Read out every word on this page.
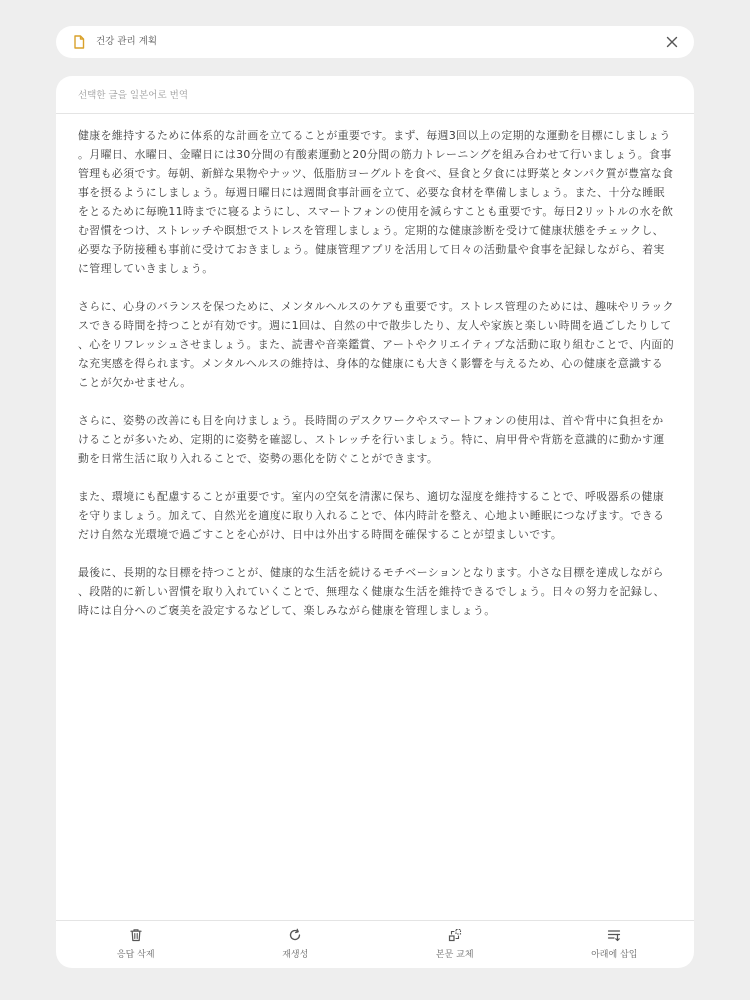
건강 관리 계획
선택한 글을 일본어로 번역

健康を維持するために体系的な計画を立てることが重要です。まず、毎週3回以上の定期的な運動を目標にしましょう。月曜日、水曜日、金曜日には30分間の有酸素運動と20分間の筋力トレーニングを組み合わせて行いましょう。食事管理も必須です。毎朝、新鮮な果物やナッツ、低脂肪ヨーグルトを食べ、昼食と夕食には野菜とタンパク質が豊富な食事を摂るようにしましょう。毎週日曜日には週間食事計画を立て、必要な食材を準備しましょう。また、十分な睡眠をとるために毎晩11時までに寝るようにし、スマートフォンの使用を減らすことも重要です。毎日2リットルの水を飲む習慣をつけ、ストレッチや瞑想でストレスを管理しましょう。定期的な健康診断を受けて健康状態をチェックし、必要な予防接種も事前に受けておきましょう。健康管理アプリを活用して日々の活動量や食事を記録しながら、着実に管理していきましょう。

さらに、心身のバランスを保つために、メンタルヘルスのケアも重要です。ストレス管理のためには、趣味やリラックスできる時間を持つことが有効です。週に1回は、自然の中で散歩したり、友人や家族と楽しい時間を過ごしたりして、心をリフレッシュさせましょう。また、読書や音楽鑑賞、アートやクリエイティブな活動に取り組むことで、内面的な充実感を得られます。メンタルヘルスの維持は、身体的な健康にも大きく影響を与えるため、心の健康を意識することが欠かせません。

さらに、姿勢の改善にも目を向けましょう。長時間のデスクワークやスマートフォンの使用は、首や背中に負担をかけることが多いため、定期的に姿勢を確認し、ストレッチを行いましょう。特に、肩甲骨や背筋を意識的に動かす運動を日常生活に取り入れることで、姿勢の悪化を防ぐことができます。

また、環境にも配慮することが重要です。室内の空気を清潔に保ち、適切な湿度を維持することで、呼吸器系の健康を守りましょう。加えて、自然光を適度に取り入れることで、体内時計を整え、心地よい睡眠につなげます。できるだけ自然な光環境で過ごすことを心がけ、日中は外出する時間を確保することが望ましいです。

最後に、長期的な目標を持つことが、健康的な生活を続けるモチベーションとなります。小さな目標を達成しながら、段階的に新しい習慣を取り入れていくことで、無理なく健康な生活を維持できるでしょう。日々の努力を記録し、時には自分へのご褒美を設定するなどして、楽しみながら健康を管理しましょう。

응답 삭제	재생성	본문 교체	아래에 삽입
